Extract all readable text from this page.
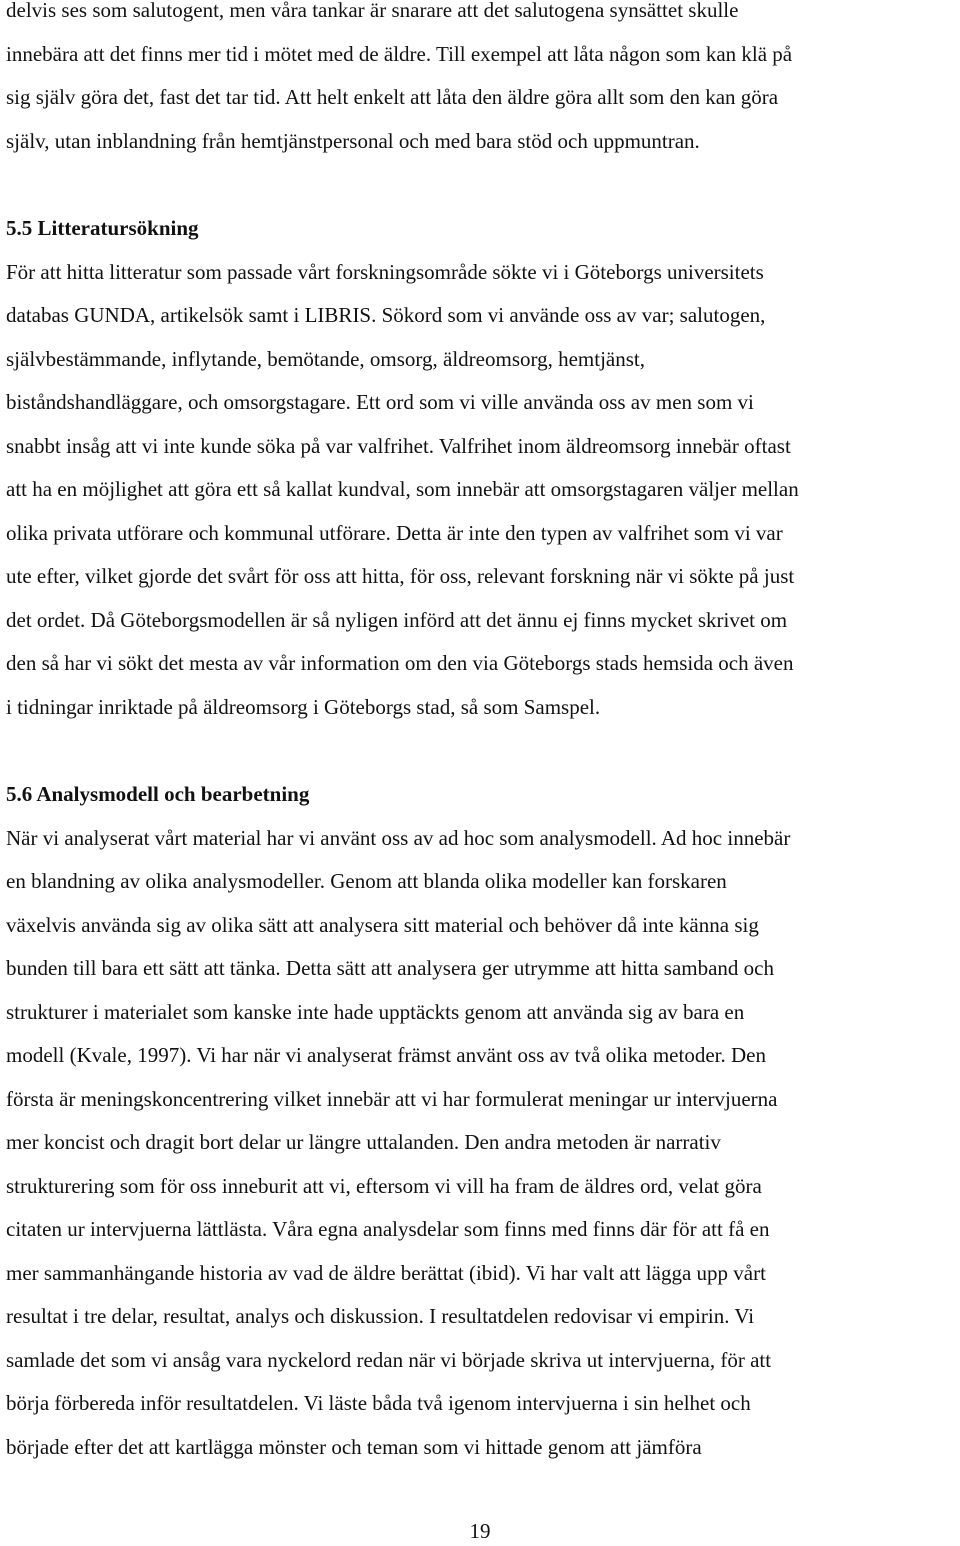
delvis ses som salutogent, men våra tankar är snarare att det salutogena synsättet skulle
innebära att det finns mer tid i mötet med de äldre. Till exempel att låta någon som kan klä på
sig själv göra det, fast det tar tid. Att helt enkelt att låta den äldre göra allt som den kan göra
själv, utan inblandning från hemtjänstpersonal och med bara stöd och uppmuntran.
5.5 Litteratursökning
För att hitta litteratur som passade vårt forskningsområde sökte vi i Göteborgs universitets
databas GUNDA, artikelsök samt i LIBRIS. Sökord som vi använde oss av var; salutogen,
självbestämmande, inflytande, bemötande, omsorg, äldreomsorg, hemtjänst,
biståndshandläggare, och omsorgstagare. Ett ord som vi ville använda oss av men som vi
snabbt insåg att vi inte kunde söka på var valfrihet. Valfrihet inom äldreomsorg innebär oftast
att ha en möjlighet att göra ett så kallat kundval, som innebär att omsorgstagaren väljer mellan
olika privata utförare och kommunal utförare. Detta är inte den typen av valfrihet som vi var
ute efter, vilket gjorde det svårt för oss att hitta, för oss, relevant forskning när vi sökte på just
det ordet. Då Göteborgsmodellen är så nyligen införd att det ännu ej finns mycket skrivet om
den så har vi sökt det mesta av vår information om den via Göteborgs stads hemsida och även
i tidningar inriktade på äldreomsorg i Göteborgs stad, så som Samspel.
5.6 Analysmodell och bearbetning
När vi analyserat vårt material har vi använt oss av ad hoc som analysmodell. Ad hoc innebär
en blandning av olika analysmodeller. Genom att blanda olika modeller kan forskaren
växelvis använda sig av olika sätt att analysera sitt material och behöver då inte känna sig
bunden till bara ett sätt att tänka. Detta sätt att analysera ger utrymme att hitta samband och
strukturer i materialet som kanske inte hade upptäckts genom att använda sig av bara en
modell (Kvale, 1997). Vi har när vi analyserat främst använt oss av två olika metoder. Den
första är meningskoncentrering vilket innebär att vi har formulerat meningar ur intervjuerna
mer koncist och dragit bort delar ur längre uttalanden. Den andra metoden är narrativ
strukturering som för oss inneburit att vi, eftersom vi vill ha fram de äldres ord, velat göra
citaten ur intervjuerna lättlästa. Våra egna analysdelar som finns med finns där för att få en
mer sammanhängande historia av vad de äldre berättat (ibid). Vi har valt att lägga upp vårt
resultat i tre delar, resultat, analys och diskussion. I resultatdelen redovisar vi empirin. Vi
samlade det som vi ansåg vara nyckelord redan när vi började skriva ut intervjuerna, för att
börja förbereda inför resultatdelen. Vi läste båda två igenom intervjuerna i sin helhet och
började efter det att kartlägga mönster och teman som vi hittade genom att jämföra
19
